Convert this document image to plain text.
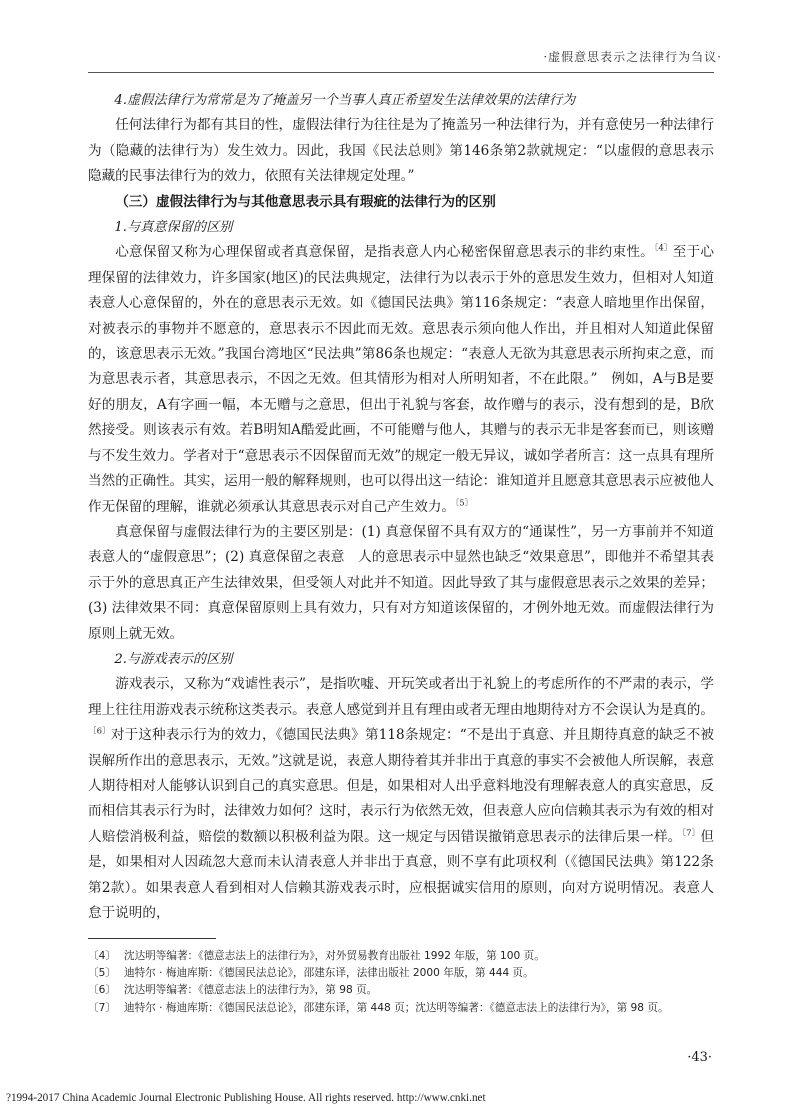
·虚假意思表示之法律行为刍议·
4.虚假法律行为常常是为了掩盖另一个当事人真正希望发生法律效果的法律行为

任何法律行为都有其目的性，虚假法律行为往往是为了掩盖另一种法律行为，并有意使另一种法律行为（隐藏的法律行为）发生效力。因此，我国《民法总则》第146条第2款就规定：“以虚假的意思表示隐藏的民事法律行为的效力，依照有关法律规定处理。”

（三）虚假法律行为与其他意思表示具有瑕疵的法律行为的区别
1.与真意保留的区别

心意保留又称为心理保留或者真意保留，是指表意人内心秘密保留意思表示的非约束性。$^{〔4〕}$至于心理保留的法律效力，许多国家(地区)的民法典规定，法律行为以表示于外的意思发生效力，但相对人知道表意人心意保留的，外在的意思表示无效。如《德国民法典》第116条规定：“表意人暗地里作出保留，对被表示的事物并不愿意的，意思表示不因此而无效。意思表示须向他人作出，并且相对人知道此保留的，该意思表示无效。”我国台湾地区“民法典”第86条也规定：“表意人无欲为其意思表示所拘束之意，而为意思表示者，其意思表示，不因之无效。但其情形为相对人所明知者，不在此限。”　例如，A与B是要好的朋友，A有字画一幅，本无赠与之意思，但出于礼貌与客套，故作赠与的表示，没有想到的是，B欣然接受。则该表示有效。若B明知A酷爱此画，不可能赠与他人，其赠与的表示无非是客套而已，则该赠与不发生效力。学者对于“意思表示不因保留而无效”的规定一般无异议，诚如学者所言：这一点具有理所当然的正确性。其实，运用一般的解释规则，也可以得出这一结论：谁知道并且愿意其意思表示应被他人作无保留的理解，谁就必须承认其意思表示对自己产生效力。$^{〔5〕}$

真意保留与虚假法律行为的主要区别是：(1) 真意保留不具有双方的“通谋性”，另一方事前并不知道表意人的“虚假意思”；(2) 真意保留之表意　人的意思表示中显然也缺乏“效果意思”，即他并不希望其表示于外的意思真正产生法律效果，但受领人对此并不知道。因此导致了其与虚假意思表示之效果的差异；(3) 法律效果不同：真意保留原则上具有效力，只有对方知道该保留的，才例外地无效。而虚假法律行为原则上就无效。

2.与游戏表示的区别

游戏表示，又称为“戏谑性表示”，是指吹嘘、开玩笑或者出于礼貌上的考虑所作的不严肃的表示，学理上往往用游戏表示统称这类表示。表意人感觉到并且有理由或者无理由地期待对方不会误认为是真的。$^{〔6〕}$对于这种表示行为的效力，《德国民法典》第118条规定：“不是出于真意、并且期待真意的缺乏不被误解所作出的意思表示，无效。”这就是说，表意人期待着其并非出于真意的事实不会被他人所误解，表意人期待相对人能够认识到自己的真实意思。但是，如果相对人出乎意料地没有理解表意人的真实意思，反而相信其表示行为时，法律效力如何？这时，表示行为依然无效，但表意人应向信赖其表示为有效的相对人赔偿消极利益，赔偿的数额以积极利益为限。这一规定与因错误撤销意思表示的法律后果一样。$^{〔7〕}$但是，如果相对人因疏忽大意而未认清表意人并非出于真意，则不享有此项权利（《德国民法典》第122条第2款）。如果表意人看到相对人信赖其游戏表示时，应根据诚实信用的原则，向对方说明情况。表意人怠于说明的，

〔4〕 沈达明等编著：《德意志法上的法律行为》，对外贸易教育出版社 1992 年版，第 100 页。
〔5〕 迪特尔 · 梅迪库斯：《德国民法总论》，邵建东译，法律出版社 2000 年版，第 444 页。
〔6〕 沈达明等编著：《德意志法上的法律行为》，第 98 页。
〔7〕 迪特尔 · 梅迪库斯：《德国民法总论》，邵建东译，第 448 页；沈达明等编著：《德意志法上的法律行为》，第 98 页。
·43·
?1994-2017 China Academic Journal Electronic Publishing House. All rights reserved. http://www.cnki.net
